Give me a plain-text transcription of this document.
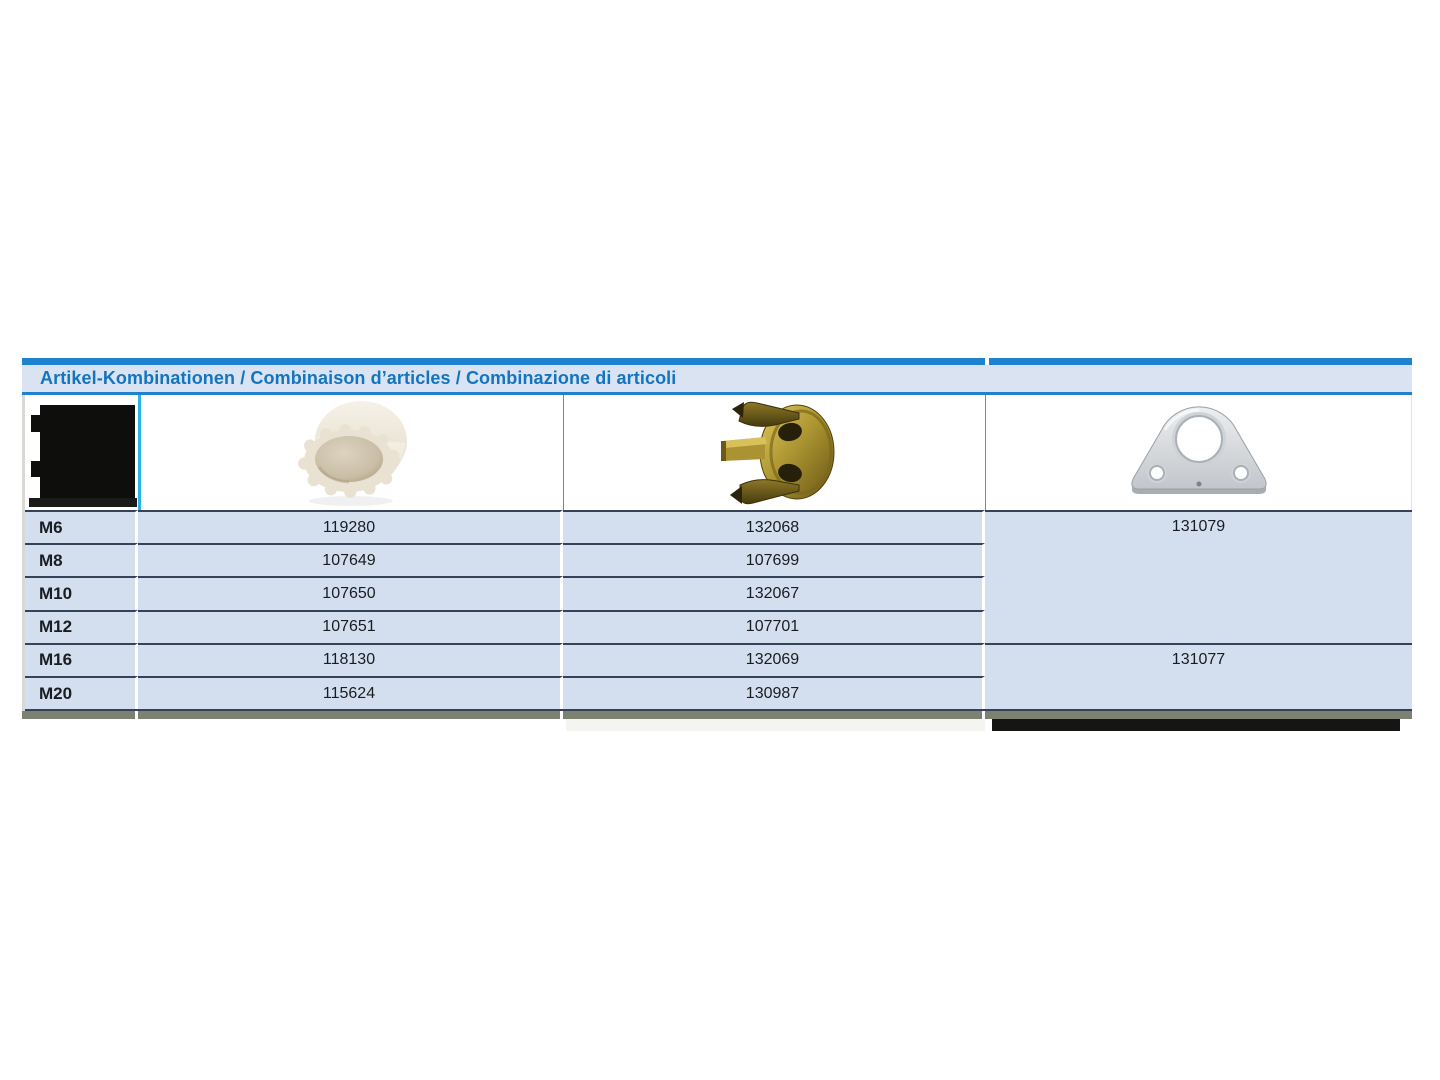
Artikel-Kombinationen / Combinaison d’articles / Combinazione di articoli
M6	119280	132068	131079
M8	107649	107699
M10	107650	132067
M12	107651	107701
M16	118130	132069	131077
M20	115624	130987
